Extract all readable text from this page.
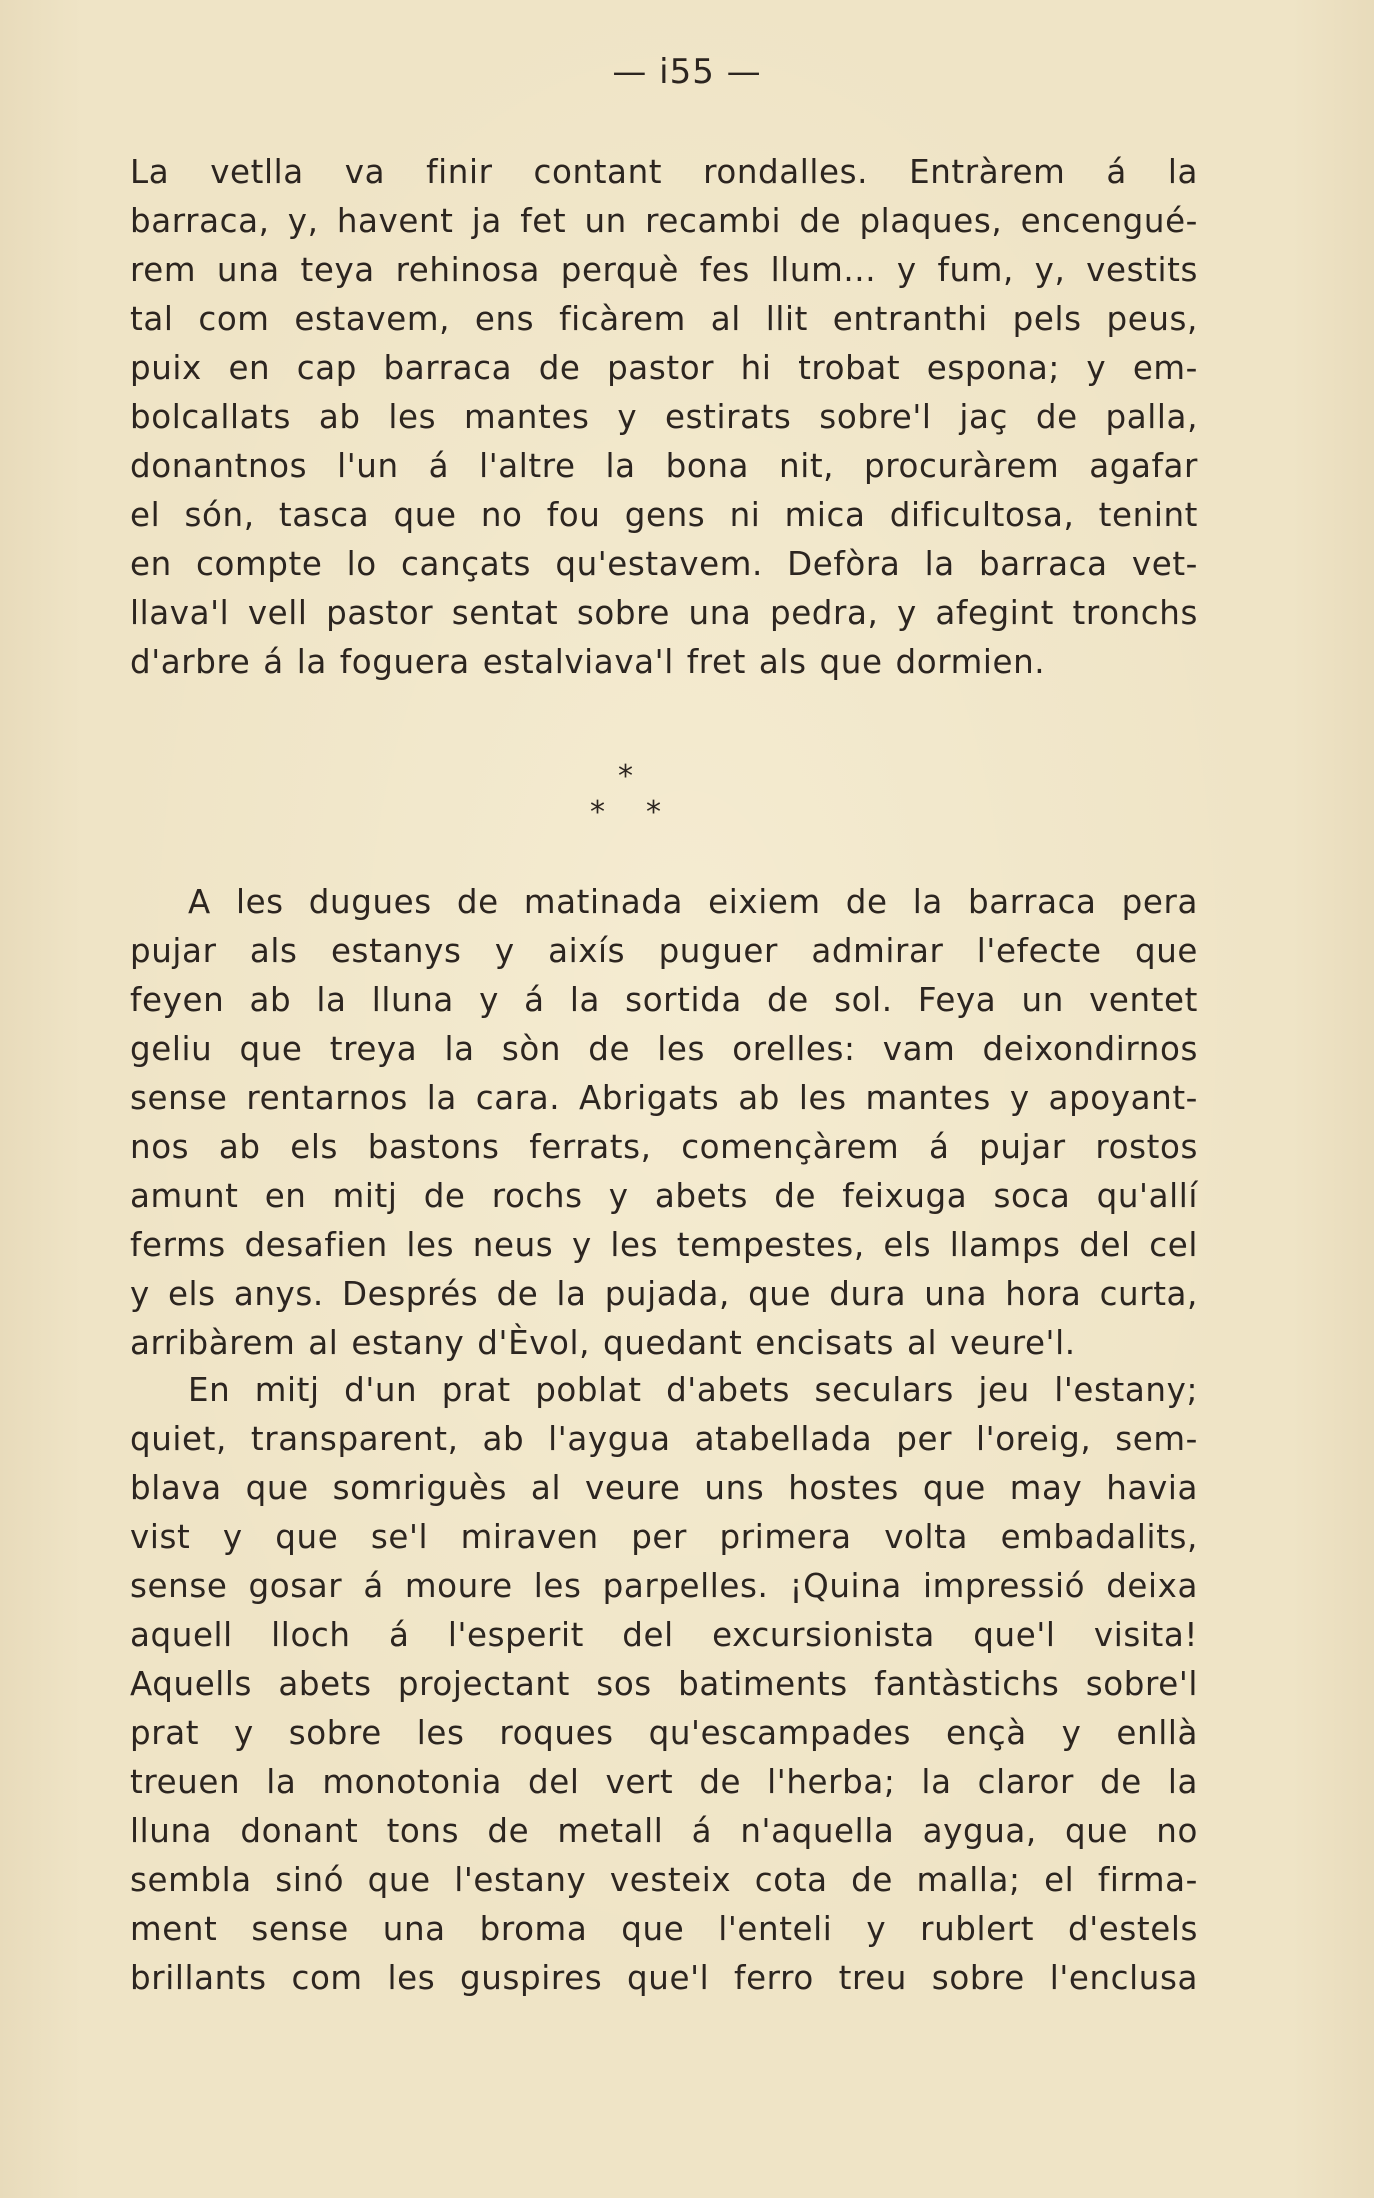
— i55 —
La vetlla va finir contant rondalles. Entràrem á la
barraca, y, havent ja fet un recambi de plaques, encengué-
rem una teya rehinosa perquè fes llum... y fum, y, vestits
tal com estavem, ens ficàrem al llit entranthi pels peus,
puix en cap barraca de pastor hi trobat espona; y em-
bolcallats ab les mantes y estirats sobre'l jaç de palla,
donantnos l'un á l'altre la bona nit, procuràrem agafar
el són, tasca que no fou gens ni mica dificultosa, tenint
en compte lo cançats qu'estavem. Defòra la barraca vet-
llava'l vell pastor sentat sobre una pedra, y afegint tronchs
d'arbre á la foguera estalviava'l fret als que dormien.
*
* *
A les dugues de matinada eixiem de la barraca pera
pujar als estanys y aixís puguer admirar l'efecte que
feyen ab la lluna y á la sortida de sol. Feya un ventet
geliu que treya la sòn de les orelles: vam deixondirnos
sense rentarnos la cara. Abrigats ab les mantes y apoyant-
nos ab els bastons ferrats, començàrem á pujar rostos
amunt en mitj de rochs y abets de feixuga soca qu'allí
ferms desafien les neus y les tempestes, els llamps del cel
y els anys. Després de la pujada, que dura una hora curta,
arribàrem al estany d'Èvol, quedant encisats al veure'l.
En mitj d'un prat poblat d'abets seculars jeu l'estany;
quiet, transparent, ab l'aygua atabellada per l'oreig, sem-
blava que somriguès al veure uns hostes que may havia
vist y que se'l miraven per primera volta embadalits,
sense gosar á moure les parpelles. ¡Quina impressió deixa
aquell lloch á l'esperit del excursionista que'l visita!
Aquells abets projectant sos batiments fantàstichs sobre'l
prat y sobre les roques qu'escampades ençà y enllà
treuen la monotonia del vert de l'herba; la claror de la
lluna donant tons de metall á n'aquella aygua, que no
sembla sinó que l'estany vesteix cota de malla; el firma-
ment sense una broma que l'enteli y rublert d'estels
brillants com les guspires que'l ferro treu sobre l'enclusa
